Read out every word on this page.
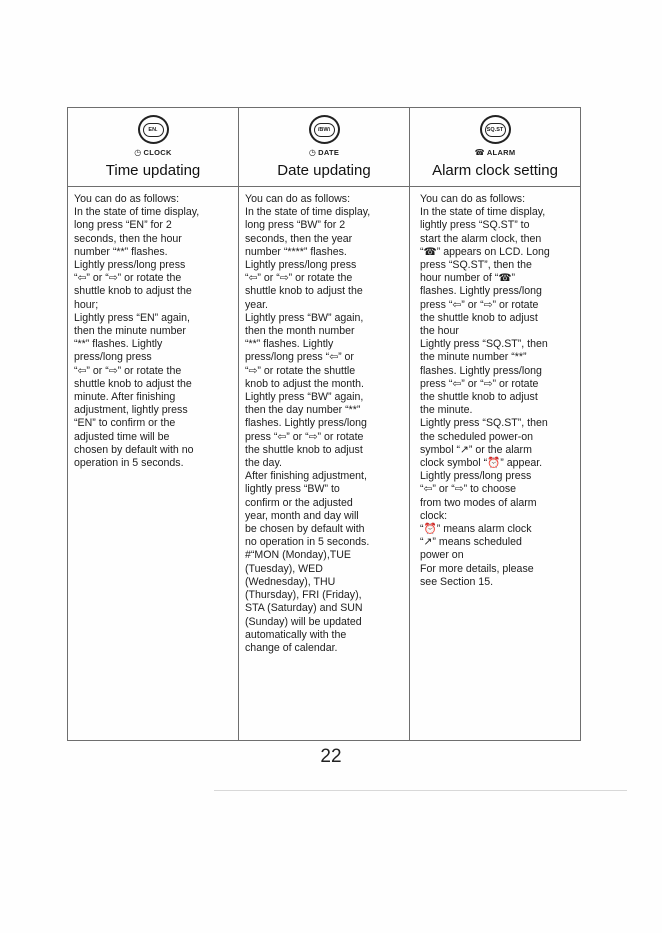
EN.
◷ CLOCK
Time updating
You can do as follows:
In the state of time display,
long press “EN” for 2
seconds, then the hour
number “**” flashes.
Lightly press/long press
“⇦” or “⇨” or rotate the
shuttle knob to adjust the
hour;
Lightly press “EN” again,
then the minute number
“**” flashes. Lightly
press/long press
“⇦” or “⇨” or rotate the
shuttle knob to adjust the
minute. After finishing
adjustment, lightly press
“EN” to confirm or the
adjusted time will be
chosen by default with no
operation in 5 seconds.
/BW\
◷ DATE
Date updating
You can do as follows:
In the state of time display,
long press “BW” for 2
seconds, then the year
number “****” flashes.
Lightly press/long press
“⇦” or “⇨” or rotate the
shuttle knob to adjust the
year.
Lightly press “BW” again,
then the month number
“**” flashes. Lightly
press/long press “⇦” or
“⇨” or rotate the shuttle
knob to adjust the month.
Lightly press “BW” again,
then the day number “**”
flashes. Lightly press/long
press “⇦” or “⇨” or rotate
the shuttle knob to adjust
the day.
After finishing adjustment,
lightly press “BW” to
confirm or the adjusted
year, month and day will
be chosen by default with
no operation in 5 seconds.
#“MON (Monday),TUE
(Tuesday), WED
(Wednesday), THU
(Thursday), FRI (Friday),
STA (Saturday) and SUN
(Sunday) will be updated
automatically with the
change of calendar.
SQ.ST
☎ ALARM
Alarm clock setting
You can do as follows:
In the state of time display,
lightly press “SQ.ST” to
start the alarm clock, then
“☎” appears on LCD. Long
press “SQ.ST”, then the
hour number of “☎”
flashes. Lightly press/long
press “⇦” or “⇨” or rotate
the shuttle knob to adjust
the hour
Lightly press “SQ.ST”, then
the minute number “**”
flashes. Lightly press/long
press “⇦” or “⇨” or rotate
the shuttle knob to adjust
the minute.
Lightly press “SQ.ST”, then
the scheduled power-on
symbol “↗” or the alarm
clock symbol “⏰” appear.
Lightly press/long press
“⇦” or “⇨” to choose
from two modes of alarm
clock:
“⏰” means alarm clock
“↗” means scheduled
power on
For more details, please
see Section 15.
22
